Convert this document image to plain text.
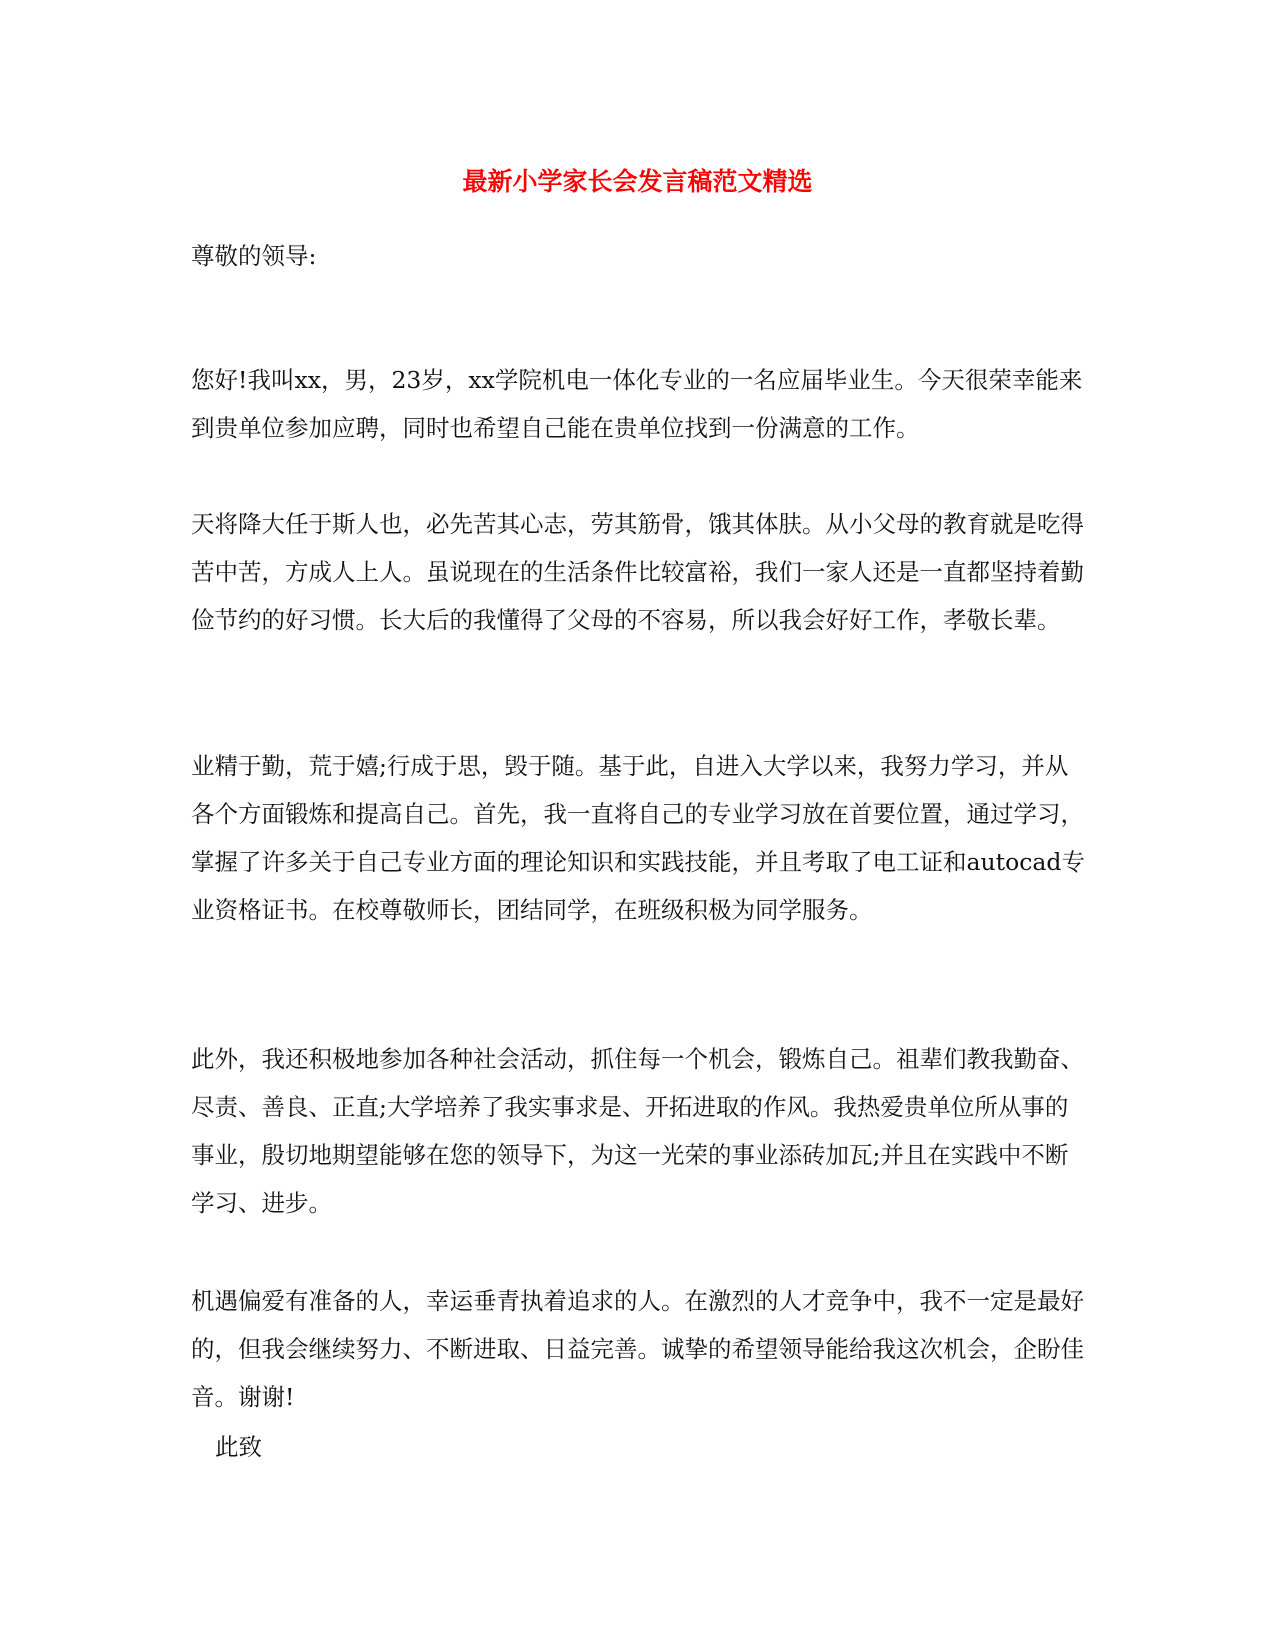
最新小学家长会发言稿范文精选

尊敬的领导:

您好!我叫xx，男，23岁，xx学院机电一体化专业的一名应届毕业生。今天很荣幸能来到贵单位参加应聘，同时也希望自己能在贵单位找到一份满意的工作。

天将降大任于斯人也，必先苦其心志，劳其筋骨，饿其体肤。从小父母的教育就是吃得苦中苦，方成人上人。虽说现在的生活条件比较富裕，我们一家人还是一直都坚持着勤俭节约的好习惯。长大后的我懂得了父母的不容易，所以我会好好工作，孝敬长辈。

业精于勤，荒于嬉;行成于思，毁于随。基于此，自进入大学以来，我努力学习，并从各个方面锻炼和提高自己。首先，我一直将自己的专业学习放在首要位置，通过学习，掌握了许多关于自己专业方面的理论知识和实践技能，并且考取了电工证和autocad专业资格证书。在校尊敬师长，团结同学，在班级积极为同学服务。

此外，我还积极地参加各种社会活动，抓住每一个机会，锻炼自己。祖辈们教我勤奋、尽责、善良、正直;大学培养了我实事求是、开拓进取的作风。我热爱贵单位所从事的事业，殷切地期望能够在您的领导下，为这一光荣的事业添砖加瓦;并且在实践中不断学习、进步。

机遇偏爱有准备的人，幸运垂青执着追求的人。在激烈的人才竞争中，我不一定是最好的，但我会继续努力、不断进取、日益完善。诚挚的希望领导能给我这次机会，企盼佳音。谢谢!

此致
